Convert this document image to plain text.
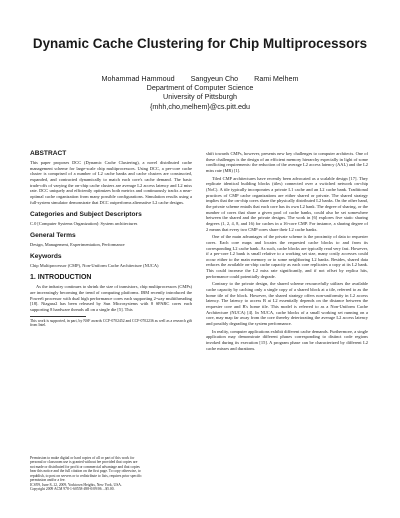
Dynamic Cache Clustering for Chip Multiprocessors
Mohammad Hammoud Sangyeun Cho Rami Melhem
Department of Computer Science
University of Pittsburgh
{mhh,cho,melhem}@cs.pitt.edu
ABSTRACT

This paper proposes DCC (Dynamic Cache Clustering), a novel distributed cache management scheme for large-scale chip multiprocessors. Using DCC, a per-core cache cluster is comprised of a number of L2 cache banks and cache clusters are constructed, expanded, and contracted dynamically to match each core's cache demand. The basic trade-offs of varying the on-chip cache clusters are average L2 access latency and L2 miss rate. DCC uniquely and efficiently optimizes both metrics and continuously tracks a near-optimal cache organization from many possible configurations. Simulation results using a full-system simulator demonstrate that DCC outperforms alternative L2 cache designs.

Categories and Subject Descriptors

C.0 [Computer Systems Organization]: System architectures

General Terms

Design, Management, Experimentation, Performance

Keywords

Chip Multiprocessor (CMP), Non-Uniform Cache Architecture (NUCA)

1. INTRODUCTION

As the industry continues to shrink the size of transistors, chip multiprocessors (CMPs) are increasingly becoming the trend of computing platforms. IBM recently introduced the Power6 processor with dual high performance cores each supporting 2-way multithreading [18]. Niagara2 has been released by Sun Microsystems with 8 SPARC cores each supporting 8 hardware threads all on a single die [5]. This

This work is supported, in part, by NSF awards CCF-0702452 and CCF-0702236 as well as a research gift from Intel.

Permission to make digital or hard copies of all or part of this work for
personal or classroom use is granted without fee provided that copies are
not made or distributed for profit or commercial advantage and that copies
bear this notice and the full citation on the first page. To copy otherwise, to
republish, to post on servers or to redistribute to lists, requires prior specific
permission and/or a fee.
ICS'09, June 8–12, 2009, Yorktown Heights, New York, USA.
Copyright 2009 ACM 978-1-60558-498-0/09/06 ...$5.00.

shift towards CMPs, however, presents new key challenges to computer architects. One of these challenges is the design of an efficient memory hierarchy especially in light of some conflicting requirements: the reduction of the average L2 access latency (AAL) and the L2 miss rate (MR) [1].

Tiled CMP architectures have recently been advocated as a scalable design [17]. They replicate identical building blocks (tiles) connected over a switched network on-chip (NoC). A tile typically incorporates a private L1 cache and an L2 cache bank. Traditional practices of CMP cache organizations are either shared or private. The shared strategy implies that the on-chip cores share the physically distributed L2 banks. On the other hand, the private scheme entails that each core has its own L2 bank. The degree of sharing, or the number of cores that share a given pool of cache banks, could also be set somewhere between the shared and the private designs. The work in [6] explores five static sharing degrees (1, 2, 4, 8, and 16) for caches in a 16-core CMP. For instance, a sharing degree of 2 means that every two CMP cores share their L2 cache banks.

One of the main advantages of the private scheme is the proximity of data to requester cores. Each core maps and locates the requested cache blocks to and from its corresponding L2 cache bank. As such, cache blocks are typically read very fast. However, if a per-core L2 bank is small relative to a working set size, many costly accesses could occur either to the main memory or to some neighboring L2 banks. Besides, shared data reduces the available on-chip cache capacity as each core replicates a copy at its L2 bank. This could increase the L2 miss rate significantly, and if not offset by replica hits, performance could potentially degrade.

Contrary to the private design, the shared scheme resourcefully utilizes the available cache capacity by caching only a single copy of a shared block at a tile, referred to as the home tile of the block. However, the shared strategy offers non-uniformity in L2 access latency. The latency to access B at L2 essentially depends on the distance between the requester core and B's home tile. This model is referred to as a Non-Uniform Cache Architecture (NUCA) [4]. In NUCA, cache blocks of a small working set running on a core, may map far away from the core thereby deteriorating the average L2 access latency and possibly degrading the system performance.

In reality, computer applications exhibit different cache demands. Furthermore, a single application may demonstrate different phases corresponding to distinct code regions invoked during its execution [15]. A program phase can be characterized by different L2 cache misses and durations.
